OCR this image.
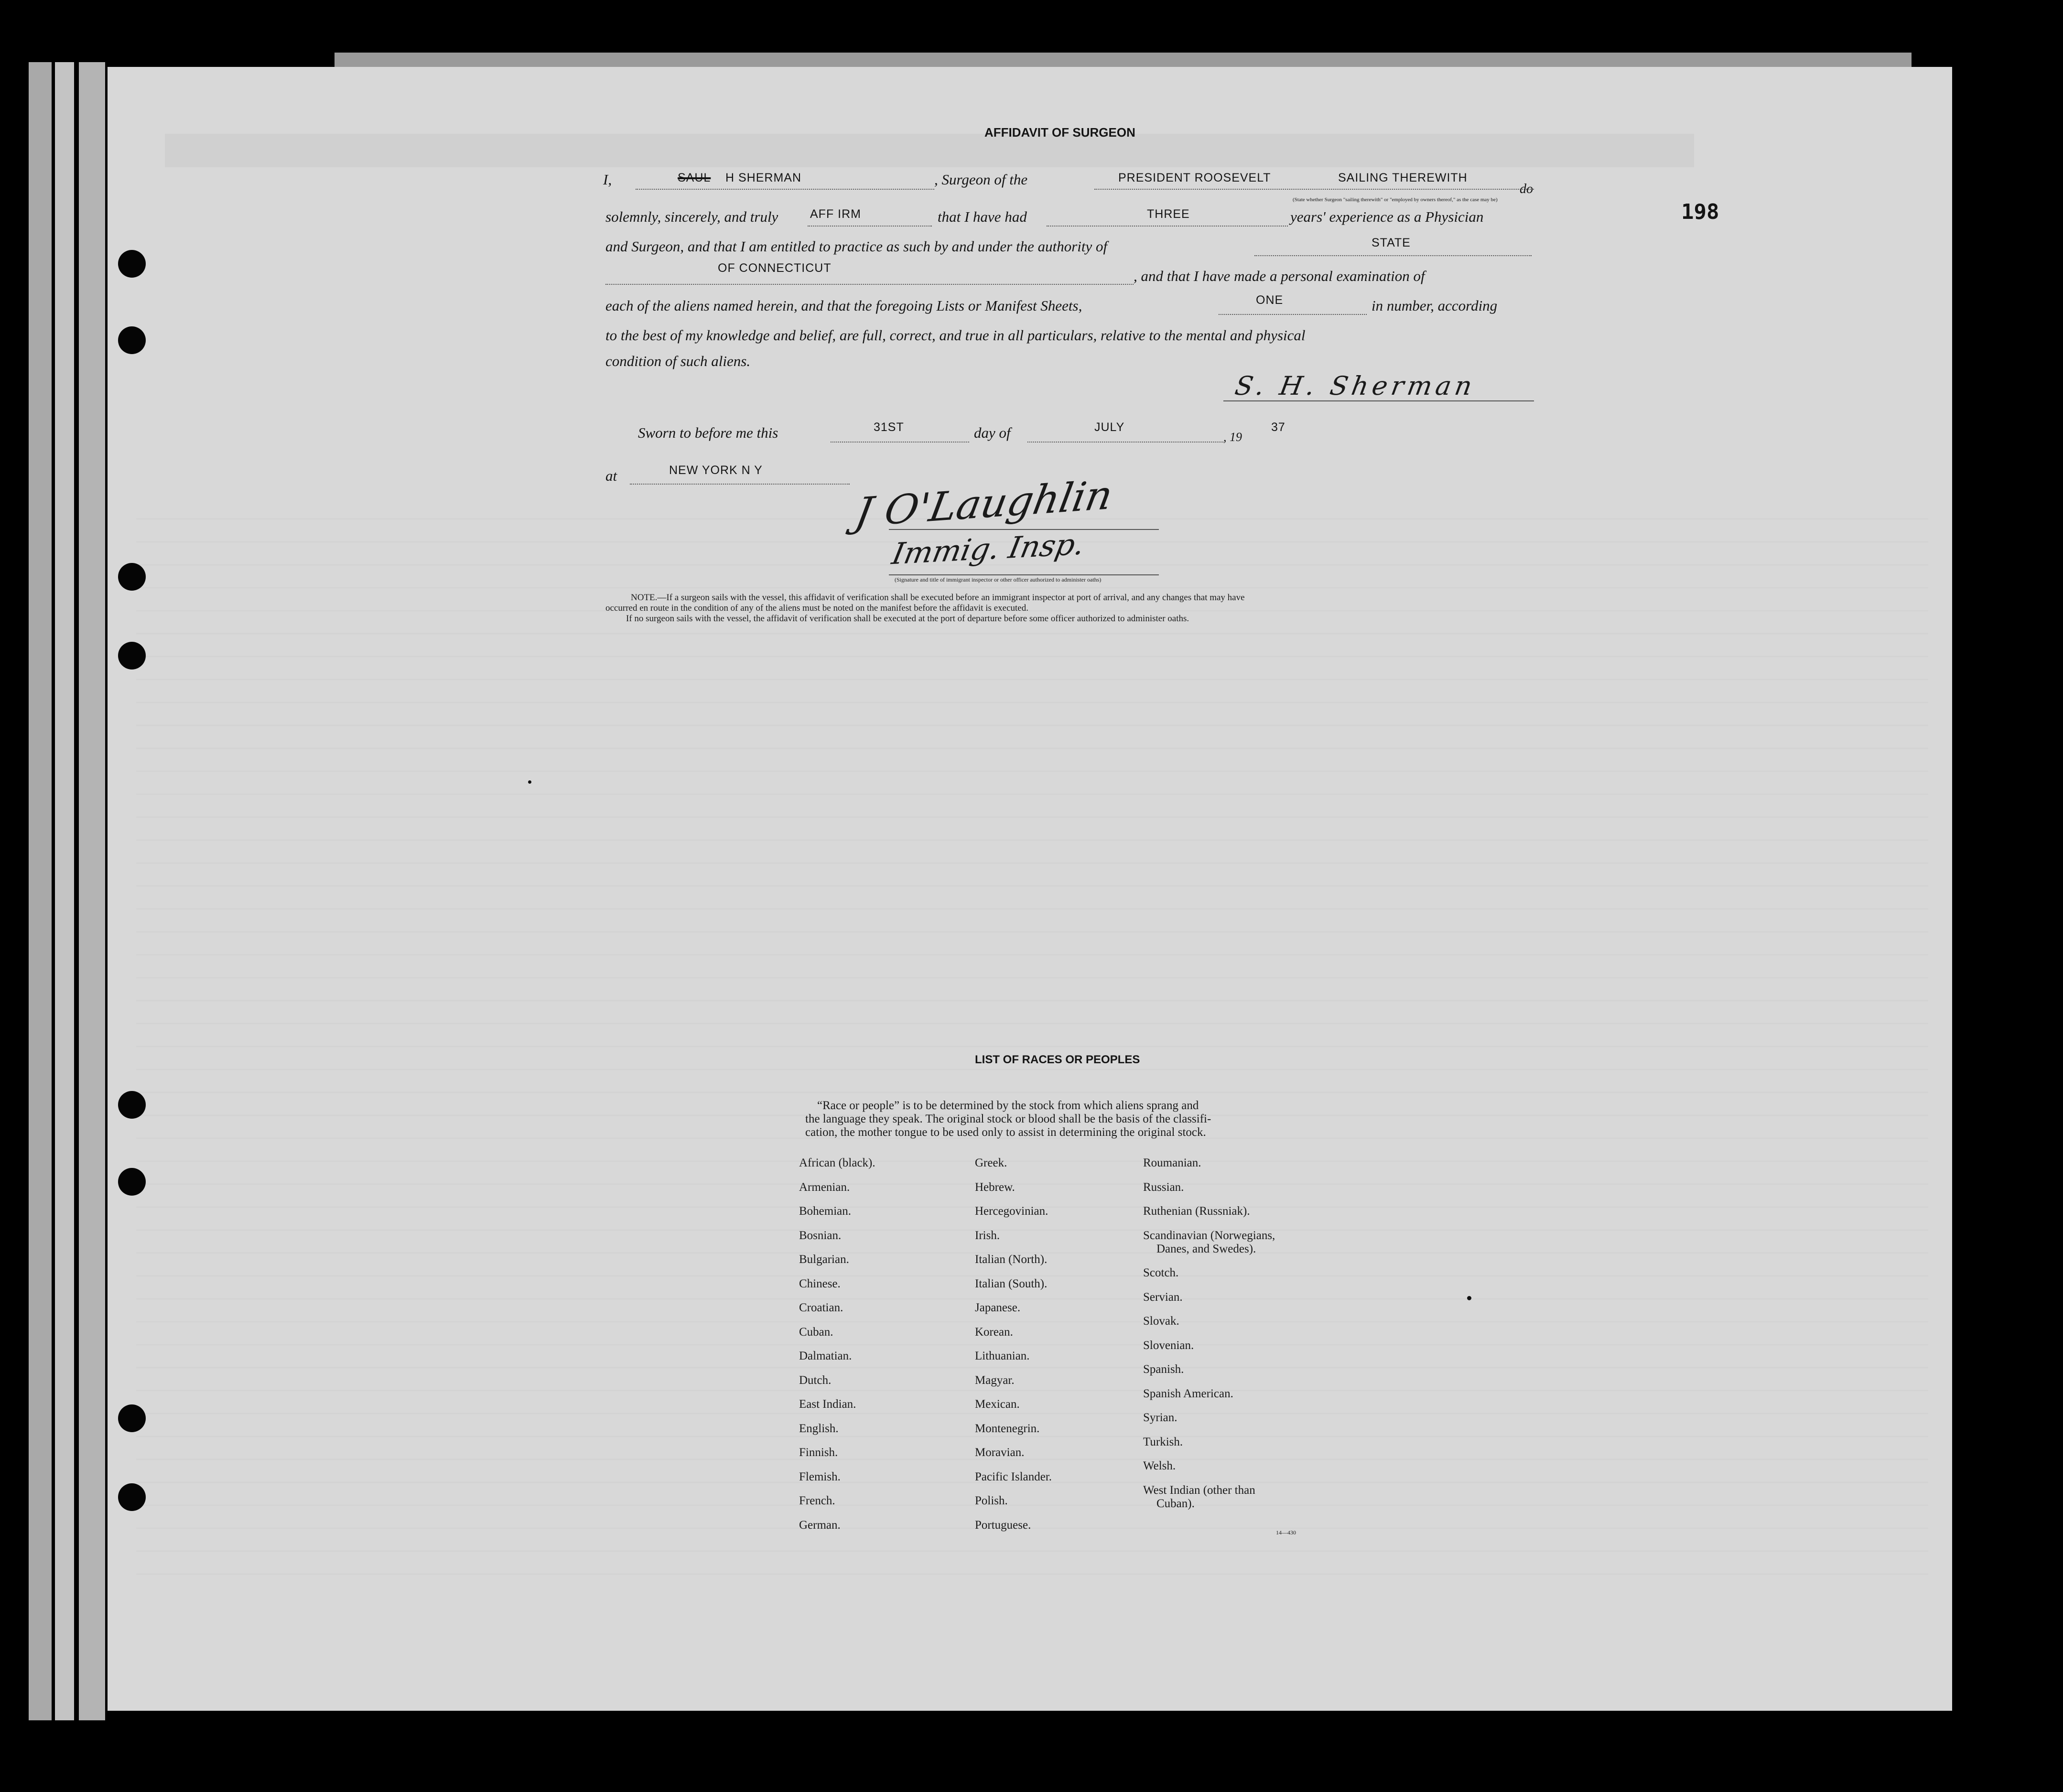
198
AFFIDAVIT OF SURGEON
I,	SAUL H SHERMAN	, Surgeon of the	PRESIDENT ROOSEVELT	SAILING THEREWITH
do
(State whether Surgeon "sailing therewith" or "employed by owners thereof," as the case may be)
solemnly, sincerely, and truly	AFF IRM	that I have had	THREE	years' experience as a Physician
and Surgeon, and that I am entitled to practice as such by and under the authority of	STATE
OF CONNECTICUT	, and that I have made a personal examination of
each of the aliens named herein, and that the foregoing Lists or Manifest Sheets,	ONE	in number, according
to the best of my knowledge and belief, are full, correct, and true in all particulars, relative to the mental and physical
condition of such aliens.
S. H. Sherman
Sworn to before me this	31ST	day of	JULY
, 19
37
at	NEW YORK N Y
J O'Laughlin
Immig. Insp.
(Signature and title of immigrant inspector or other officer authorized to administer oaths)
NOTE.—If a surgeon sails with the vessel, this affidavit of verification shall be executed before an immigrant inspector at port of arrival, and any changes that may have
occurred en route in the condition of any of the aliens must be noted on the manifest before the affidavit is executed.
If no surgeon sails with the vessel, the affidavit of verification shall be executed at the port of departure before some officer authorized to administer oaths.
LIST OF RACES OR PEOPLES
“Race or people” is to be determined by the stock from which aliens sprang and
the language they speak. The original stock or blood shall be the basis of the classifi-
cation, the mother tongue to be used only to assist in determining the original stock.
African (black).
Armenian.
Bohemian.
Bosnian.
Bulgarian.
Chinese.
Croatian.
Cuban.
Dalmatian.
Dutch.
East Indian.
English.
Finnish.
Flemish.
French.
German.
Greek.
Hebrew.
Hercegovinian.
Irish.
Italian (North).
Italian (South).
Japanese.
Korean.
Lithuanian.
Magyar.
Mexican.
Montenegrin.
Moravian.
Pacific Islander.
Polish.
Portuguese.
Roumanian.
Russian.
Ruthenian (Russniak).
Scandinavian (Norwegians,
Danes, and Swedes).
Scotch.
Servian.
Slovak.
Slovenian.
Spanish.
Spanish American.
Syrian.
Turkish.
Welsh.
West Indian (other than
Cuban).
14—430
